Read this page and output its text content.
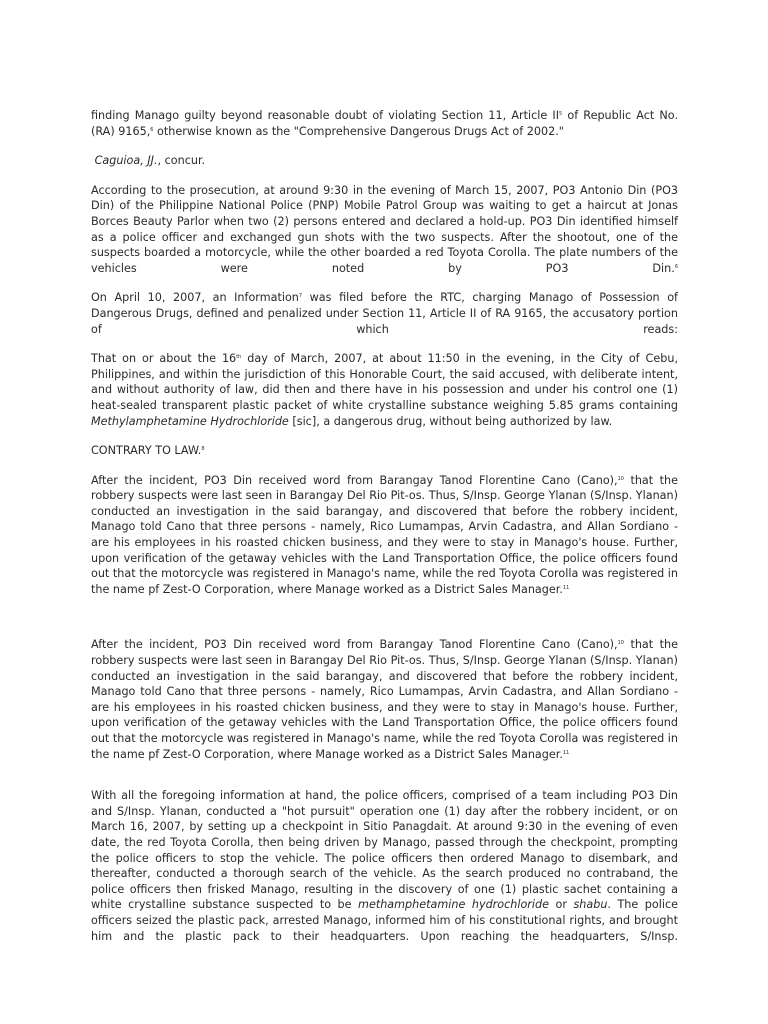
finding Manago guilty beyond reasonable doubt of violating Section 11, Article $II^5$ of Republic Act No. (RA) 9165,$^6$ otherwise known as the "Comprehensive Dangerous Drugs Act of 2002."

Caguioa, JJ., concur.

According to the prosecution, at around 9:30 in the evening of March 15, 2007, PO3 Antonio Din (PO3 Din) of the Philippine National Police (PNP) Mobile Patrol Group was waiting to get a haircut at Jonas Borces Beauty Parlor when two (2) persons entered and declared a hold-up. PO3 Din identified himself as a police officer and exchanged gun shots with the two suspects. After the shootout, one of the suspects boarded a motorcycle, while the other boarded a red Toyota Corolla. The plate numbers of the vehicles were noted by PO3 Din.$^6$

On April 10, 2007, an Information$^7$ was filed before the RTC, charging Manago of Possession of Dangerous Drugs, defined and penalized under Section 11, Article II of RA 9165, the accusatory portion of which reads:

That on or about the 16th day of March, 2007, at about 11:50 in the evening, in the City of Cebu, Philippines, and within the jurisdiction of this Honorable Court, the said accused, with deliberate intent, and without authority of law, did then and there have in his possession and under his control one (1) heat-sealed transparent plastic packet of white crystalline substance weighing 5.85 grams containing Methylamphetamine Hydrochloride [sic], a dangerous drug, without being authorized by law.

CONTRARY TO LAW.$^8$

After the incident, PO3 Din received word from Barangay Tanod Florentine Cano (Cano),$^{10}$ that the robbery suspects were last seen in Barangay Del Rio Pit-os. Thus, S/Insp. George Ylanan (S/Insp. Ylanan) conducted an investigation in the said barangay, and discovered that before the robbery incident, Manago told Cano that three persons - namely, Rico Lumampas, Arvin Cadastra, and Allan Sordiano - are his employees in his roasted chicken business, and they were to stay in Manago's house. Further, upon verification of the getaway vehicles with the Land Transportation Office, the police officers found out that the motorcycle was registered in Manago's name, while the red Toyota Corolla was registered in the name pf Zest-O Corporation, where Manage worked as a District Sales Manager.$^{11}$

After the incident, PO3 Din received word from Barangay Tanod Florentine Cano (Cano),$^{10}$ that the robbery suspects were last seen in Barangay Del Rio Pit-os. Thus, S/Insp. George Ylanan (S/Insp. Ylanan) conducted an investigation in the said barangay, and discovered that before the robbery incident, Manago told Cano that three persons - namely, Rico Lumampas, Arvin Cadastra, and Allan Sordiano - are his employees in his roasted chicken business, and they were to stay in Manago's house. Further, upon verification of the getaway vehicles with the Land Transportation Office, the police officers found out that the motorcycle was registered in Manago's name, while the red Toyota Corolla was registered in the name pf Zest-O Corporation, where Manage worked as a District Sales Manager.$^{11}$

With all the foregoing information at hand, the police officers, comprised of a team including PO3 Din and S/Insp. Ylanan, conducted a "hot pursuit" operation one (1) day after the robbery incident, or on March 16, 2007, by setting up a checkpoint in Sitio Panagdait. At around 9:30 in the evening of even date, the red Toyota Corolla, then being driven by Manago, passed through the checkpoint, prompting the police officers to stop the vehicle. The police officers then ordered Manago to disembark, and thereafter, conducted a thorough search of the vehicle. As the search produced no contraband, the police officers then frisked Manago, resulting in the discovery of one (1) plastic sachet containing a white crystalline substance suspected to be methamphetamine hydrochloride or shabu. The police officers seized the plastic pack, arrested Manago, informed him of his constitutional rights, and brought him and the plastic pack to their headquarters. Upon reaching the headquarters, S/Insp.
